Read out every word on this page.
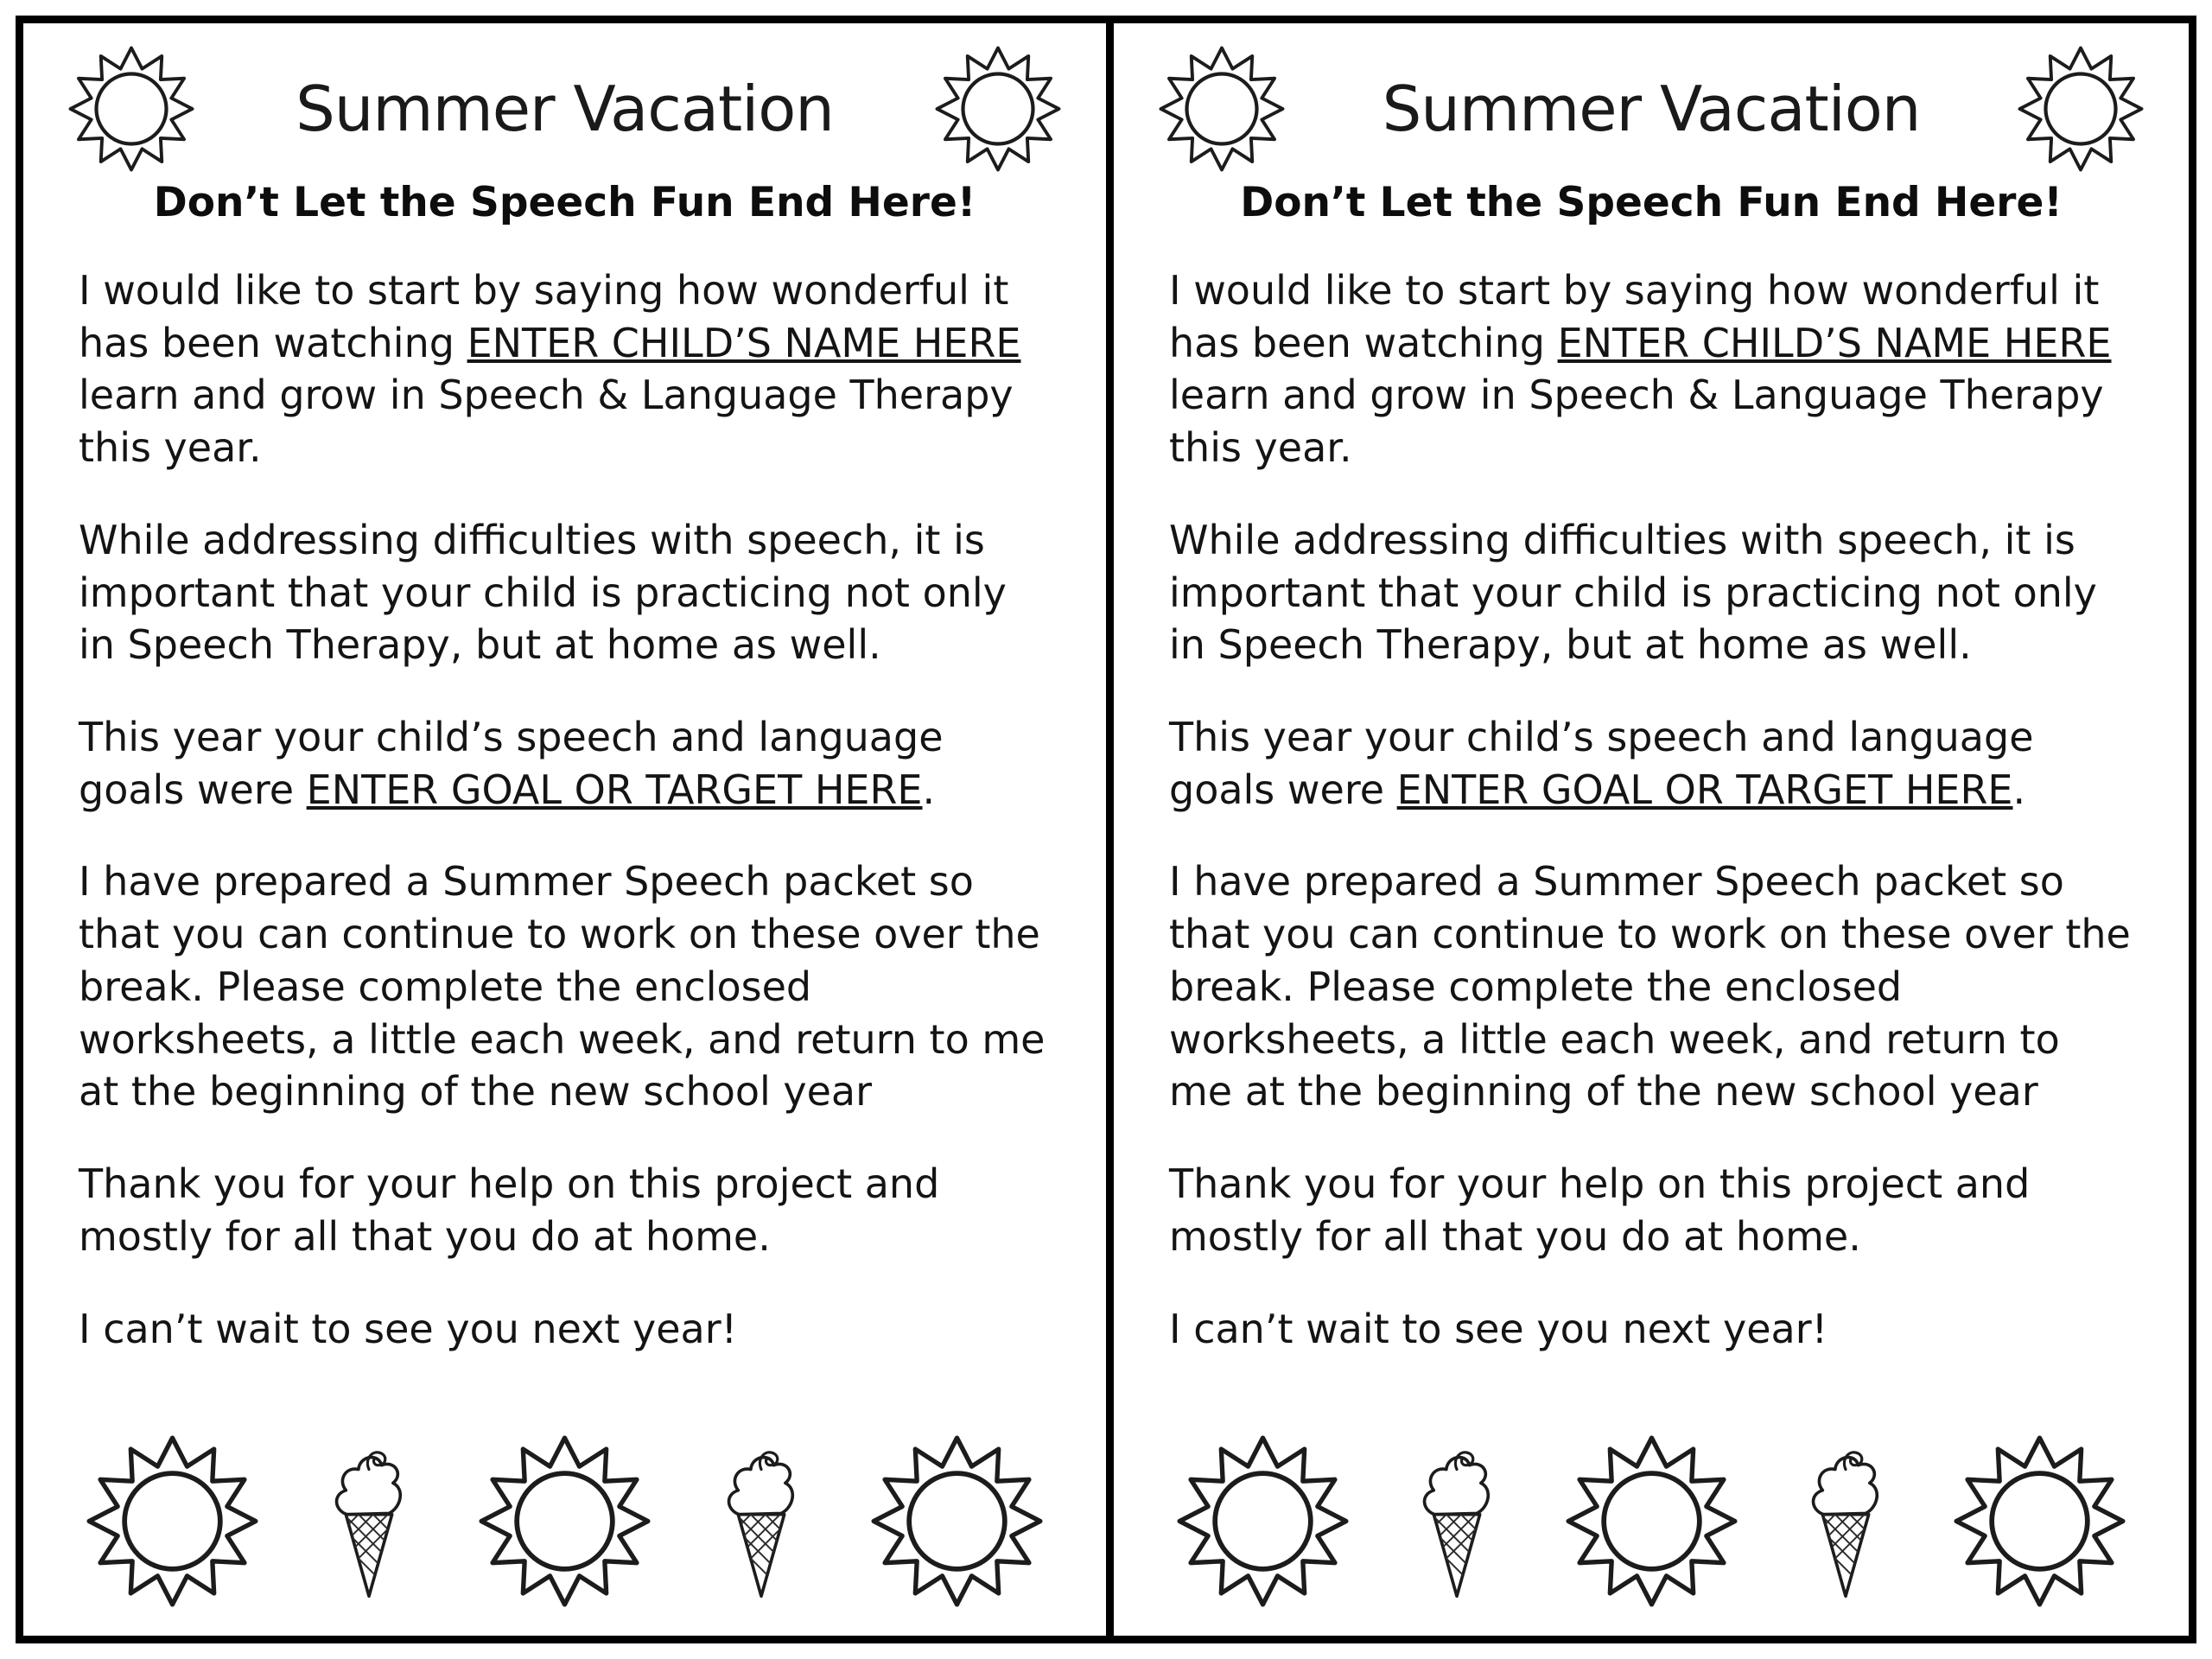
Summer Vacation
Don’t Let the Speech Fun End Here!

I would like to start by saying how wonderful it has been watching ENTER CHILD’S NAME HERE learn and grow in Speech & Language Therapy this year.

While addressing difficulties with speech, it is important that your child is practicing not only in Speech Therapy, but at home as well.

This year your child’s speech and language goals were ENTER GOAL OR TARGET HERE.

I have prepared a Summer Speech packet so that you can continue to work on these over the break. Please complete the enclosed worksheets, a little each week, and return to me at the beginning of the new school year

Thank you for your help on this project and mostly for all that you do at home.

I can’t wait to see you next year!

Summer Vacation
Don’t Let the Speech Fun End Here!

I would like to start by saying how wonderful it has been watching ENTER CHILD’S NAME HERE learn and grow in Speech & Language Therapy this year.

While addressing difficulties with speech, it is important that your child is practicing not only in Speech Therapy, but at home as well.

This year your child’s speech and language goals were ENTER GOAL OR TARGET HERE.

I have prepared a Summer Speech packet so that you can continue to work on these over the break. Please complete the enclosed worksheets, a little each week, and return to me at the beginning of the new school year

Thank you for your help on this project and mostly for all that you do at home.

I can’t wait to see you next year!
